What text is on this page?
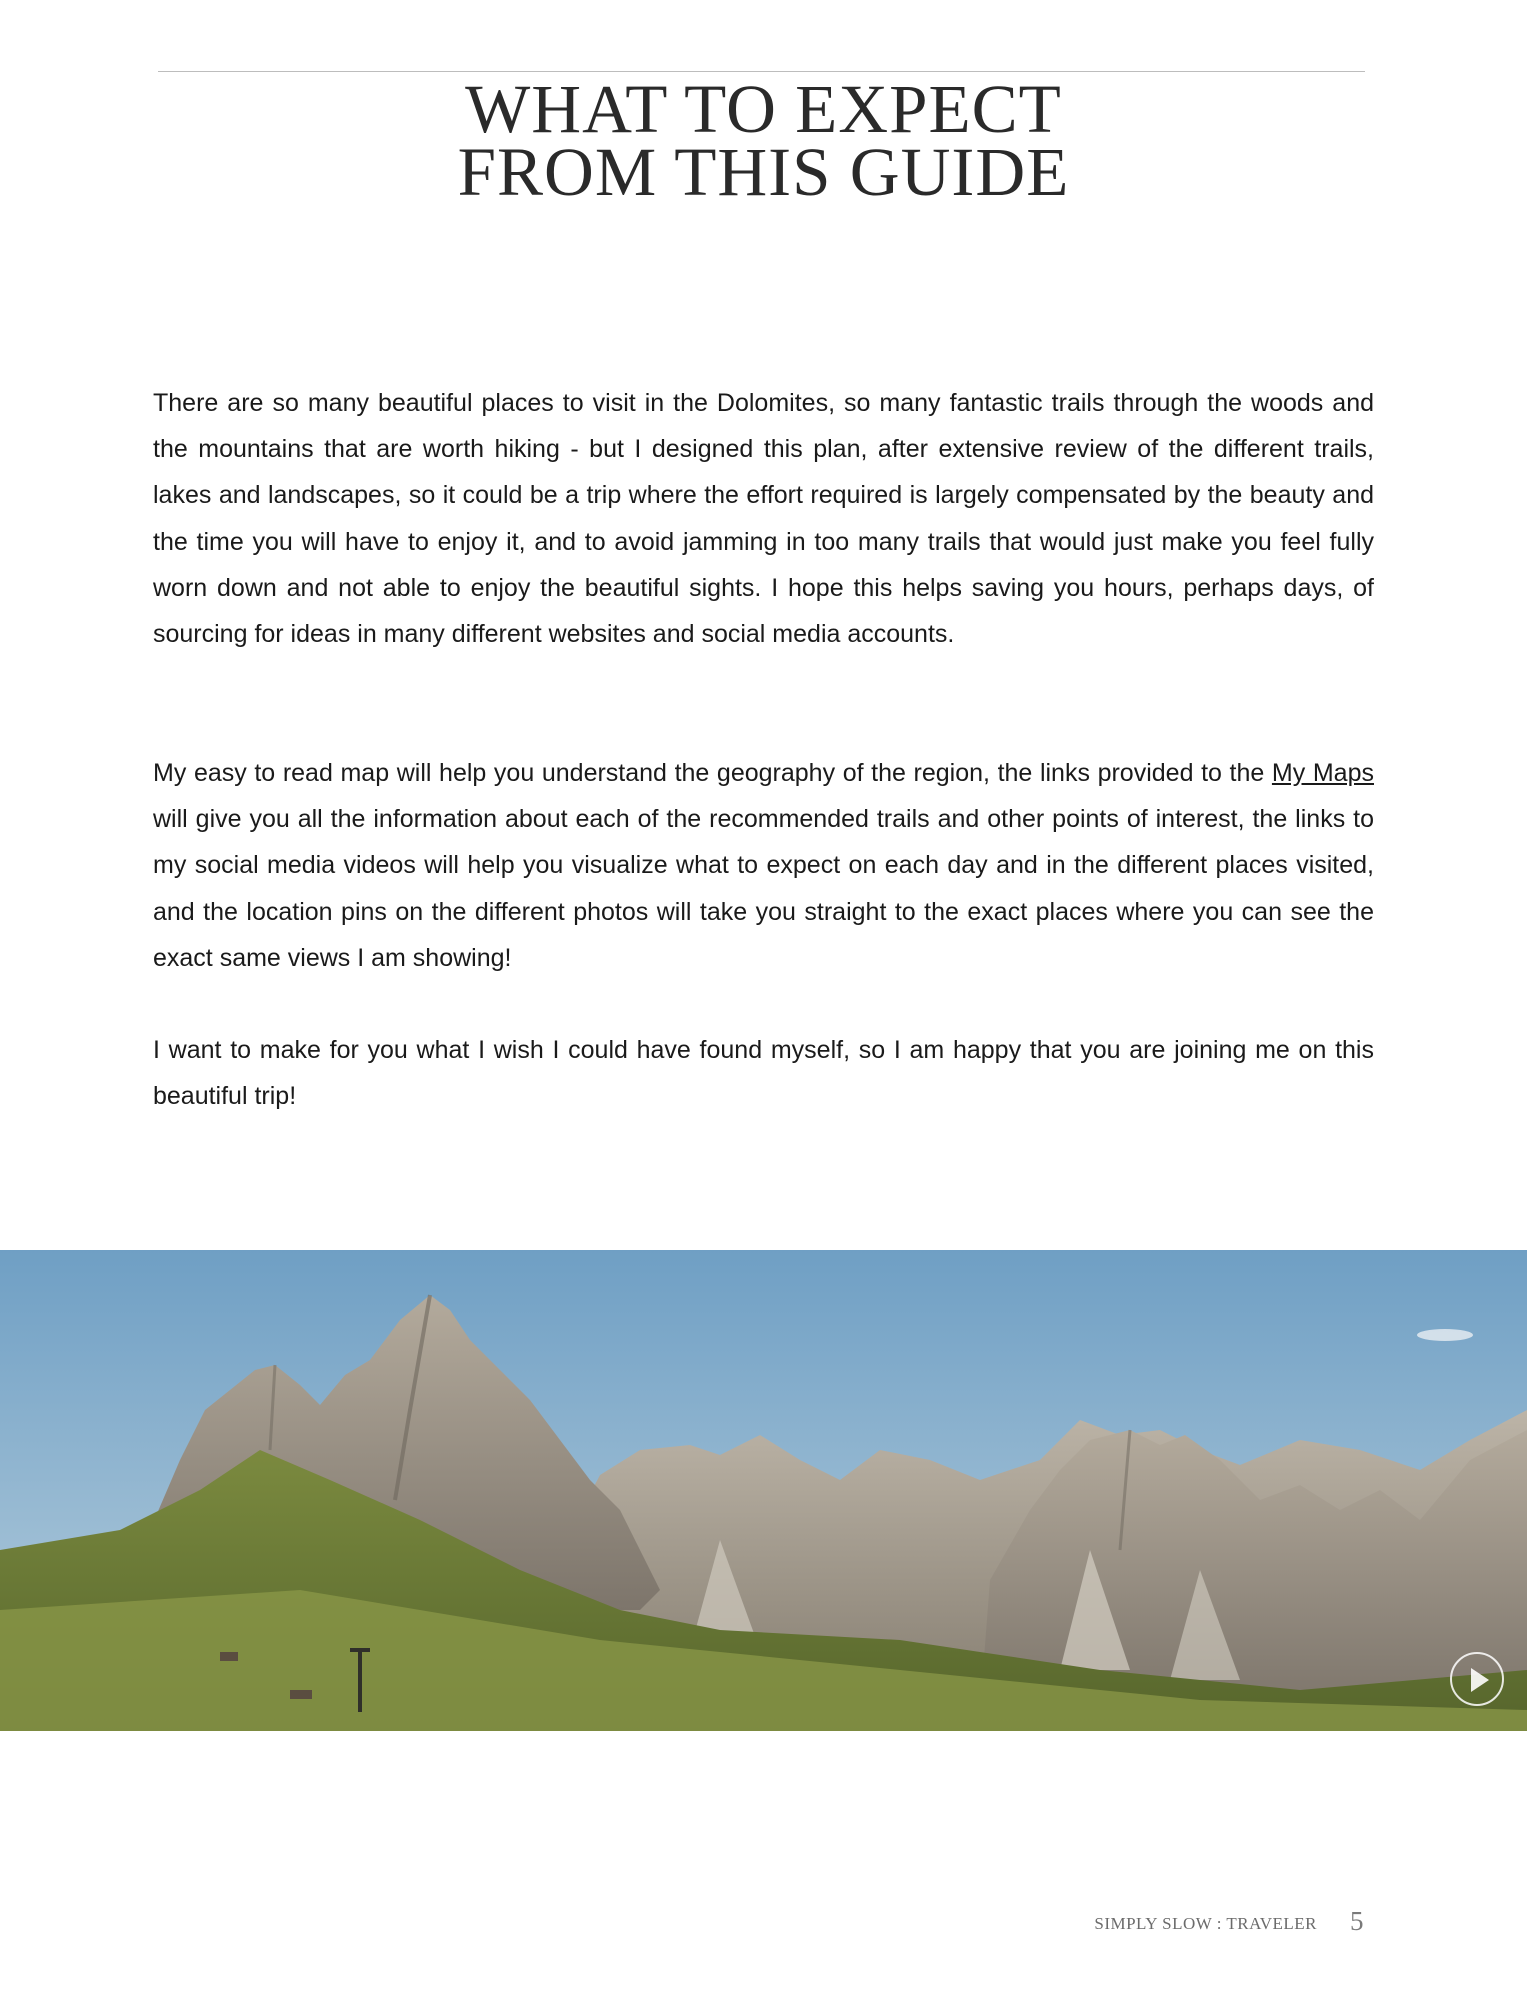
WHAT TO EXPECT
FROM THIS GUIDE

There are so many beautiful places to visit in the Dolomites, so many fantastic trails through the woods and the mountains that are worth hiking - but I designed this plan, after extensive review of the different trails, lakes and landscapes, so it could be a trip where the effort required is largely compensated by the beauty and the time you will have to enjoy it, and to avoid jamming in too many trails that would just make you feel fully worn down and not able to enjoy the beautiful sights. I hope this helps saving you hours, perhaps days, of sourcing for ideas in many different websites and social media accounts.

My easy to read map will help you understand the geography of the region, the links provided to the My Maps will give you all the information about each of the recommended trails and other points of interest, the links to my social media videos will help you visualize what to expect on each day and in the different places visited, and the location pins on the different photos will take you straight to the exact places where you can see the exact same views I am showing!

I want to make for you what I wish I could have found myself, so I am happy that you are joining me on this beautiful trip!

SIMPLY SLOW : TRAVELER 5
